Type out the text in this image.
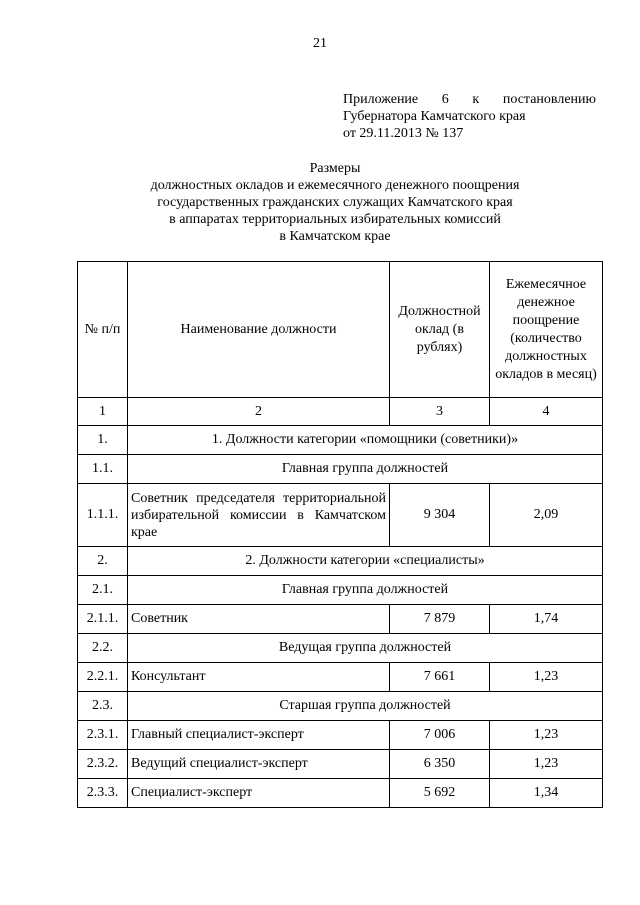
21
Приложение 6 к постановлению
Губернатора Камчатского края
от 29.11.2013 № 137
Размеры
должностных окладов и ежемесячного денежного поощрения
государственных гражданских служащих Камчатского края
в аппаратах территориальных избирательных комиссий
в Камчатском крае
№ п/п	Наименование должности	Должностной оклад (в рублях)	Ежемесячное денежное поощрение (количество должностных окладов в месяц)
1	2	3	4
1.	1. Должности категории «помощники (советники)»		
1.1.	Главная группа должностей		
1.1.1.	Советник председателя территориальной избирательной комиссии в Камчатском крае	9 304	2,09
2.	2. Должности категории «специалисты»		
2.1.	Главная группа должностей		
2.1.1.	Советник	7 879	1,74
2.2.	Ведущая группа должностей		
2.2.1.	Консультант	7 661	1,23
2.3.	Старшая группа должностей		
2.3.1.	Главный специалист-эксперт	7 006	1,23
2.3.2.	Ведущий специалист-эксперт	6 350	1,23
2.3.3.	Специалист-эксперт	5 692	1,34
